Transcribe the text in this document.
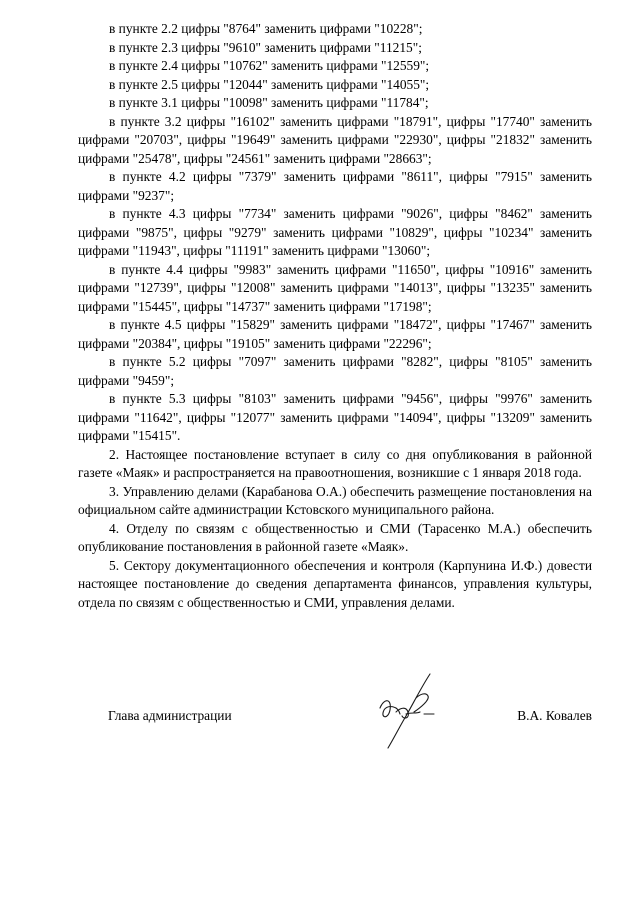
в пункте 2.2 цифры "8764" заменить цифрами "10228";

в пункте 2.3 цифры "9610" заменить цифрами "11215";

в пункте 2.4 цифры "10762" заменить цифрами "12559";

в пункте 2.5 цифры "12044" заменить цифрами "14055";

в пункте 3.1 цифры "10098" заменить цифрами "11784";

в пункте 3.2 цифры "16102" заменить цифрами "18791", цифры "17740" заменить цифрами "20703", цифры "19649" заменить цифрами "22930", цифры "21832" заменить цифрами "25478", цифры "24561" заменить цифрами "28663";

в пункте 4.2 цифры "7379" заменить цифрами "8611", цифры "7915" заменить цифрами "9237";

в пункте 4.3 цифры "7734" заменить цифрами "9026", цифры "8462" заменить цифрами "9875", цифры "9279" заменить цифрами "10829", цифры "10234" заменить цифрами "11943", цифры "11191" заменить цифрами "13060";

в пункте 4.4 цифры "9983" заменить цифрами "11650", цифры "10916" заменить цифрами "12739", цифры "12008" заменить цифрами "14013", цифры "13235" заменить цифрами "15445", цифры "14737" заменить цифрами "17198";

в пункте 4.5 цифры "15829" заменить цифрами "18472", цифры "17467" заменить цифрами "20384", цифры "19105" заменить цифрами "22296";

в пункте 5.2 цифры "7097" заменить цифрами "8282", цифры "8105" заменить цифрами "9459";

в пункте 5.3 цифры "8103" заменить цифрами "9456", цифры "9976" заменить цифрами "11642", цифры "12077" заменить цифрами "14094", цифры "13209" заменить цифрами "15415".

2. Настоящее постановление вступает в силу со дня опубликования в районной газете «Маяк» и распространяется на правоотношения, возникшие с 1 января 2018 года.

3. Управлению делами (Карабанова О.А.) обеспечить размещение постановления на официальном сайте администрации Кстовского муниципального района.

4. Отделу по связям с общественностью и СМИ (Тарасенко М.А.) обеспечить опубликование постановления в районной газете «Маяк».

5. Сектору документационного обеспечения и контроля (Карпунина И.Ф.) довести настоящее постановление до сведения департамента финансов, управления культуры, отдела по связям с общественностью и СМИ, управления делами.

Глава администрации	В.А. Ковалев
